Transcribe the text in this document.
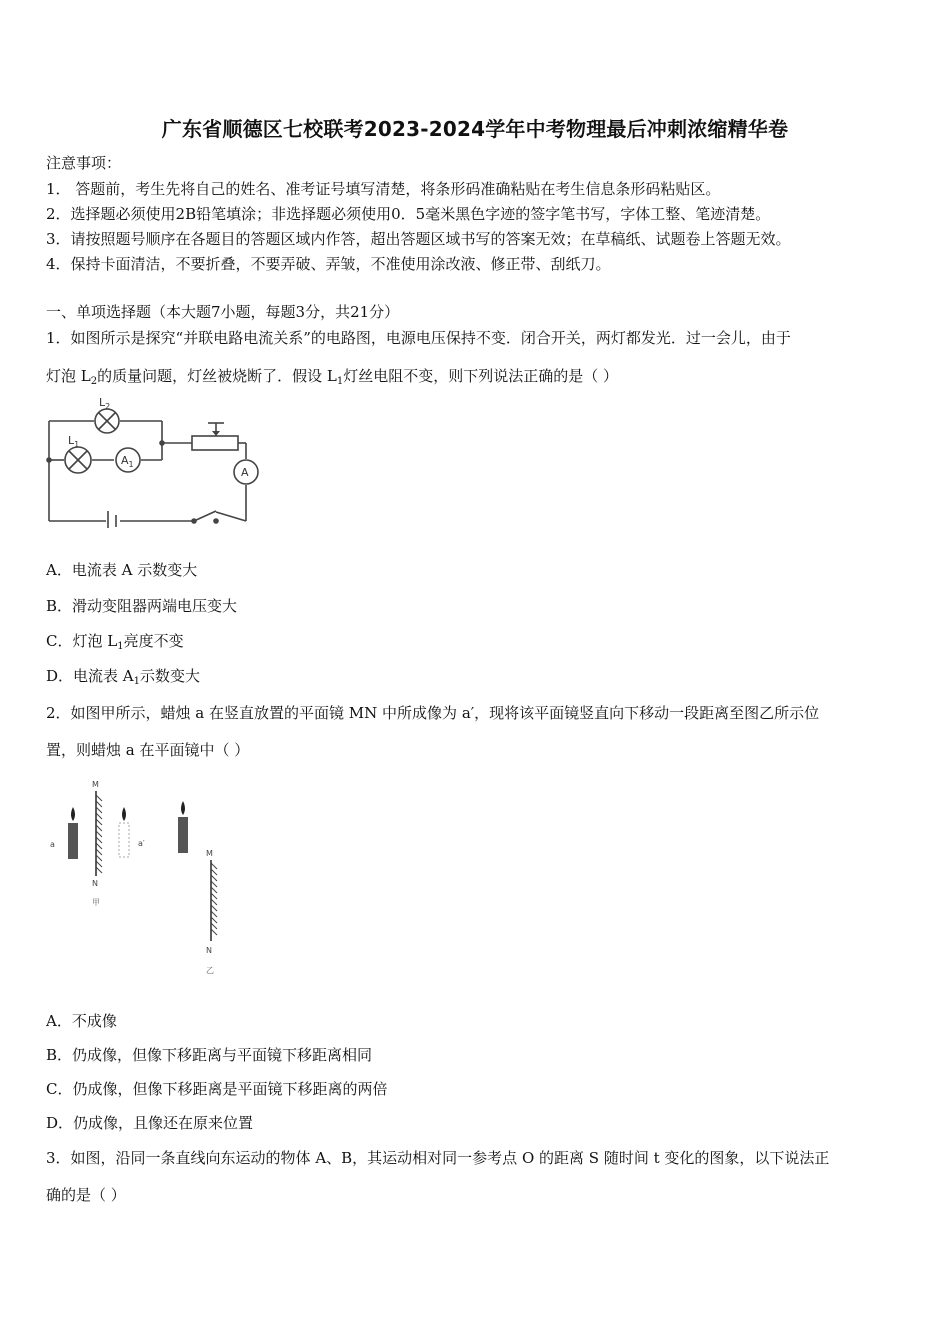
广东省顺德区七校联考2023-2024学年中考物理最后冲刺浓缩精华卷
注意事项：
1． 答题前，考生先将自己的姓名、准考证号填写清楚，将条形码准确粘贴在考生信息条形码粘贴区。
2．选择题必须使用2B铅笔填涂；非选择题必须使用0．5毫米黑色字迹的签字笔书写，字体工整、笔迹清楚。
3．请按照题号顺序在各题目的答题区域内作答，超出答题区域书写的答案无效；在草稿纸、试题卷上答题无效。
4．保持卡面清洁，不要折叠，不要弄破、弄皱，不准使用涂改液、修正带、刮纸刀。
一、单项选择题（本大题7小题，每题3分，共21分）
1．如图所示是探究“并联电路电流关系”的电路图，电源电压保持不变．闭合开关，两灯都发光．过一会儿，由于
灯泡 $L_2$的质量问题，灯丝被烧断了．假设 $L_1$灯丝电阻不变，则下列说法正确的是（ ）
$L_2$
$L_1$
$A_1$
A
A．电流表 A 示数变大
B．滑动变阻器两端电压变大
C．灯泡 $L_1$亮度不变
D．电流表 $A_1$示数变大
2．如图甲所示，蜡烛 a 在竖直放置的平面镜 MN 中所成像为 a′，现将该平面镜竖直向下移动一段距离至图乙所示位
置，则蜡烛 a 在平面镜中（ ）
M
N
甲
a	a′
M
N
乙
A．不成像
B．仍成像，但像下移距离与平面镜下移距离相同
C．仍成像，但像下移距离是平面镜下移距离的两倍
D．仍成像，且像还在原来位置
3．如图，沿同一条直线向东运动的物体 A、B，其运动相对同一参考点 O 的距离 S 随时间 t 变化的图象，以下说法正
确的是（ ）
